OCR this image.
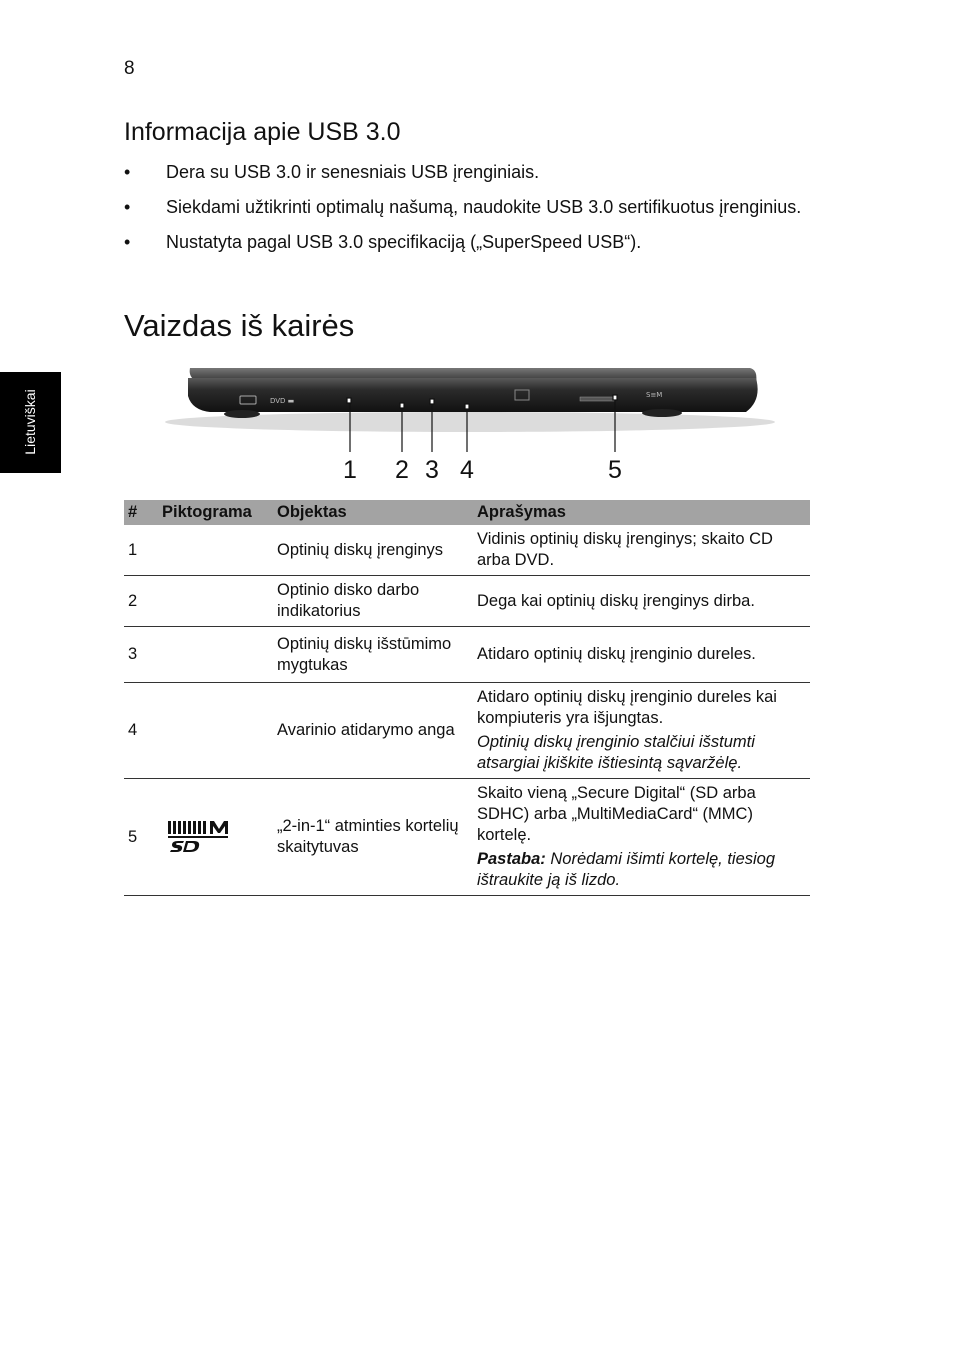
8
Lietuviškai
Informacija apie USB 3.0
• Dera su USB 3.0 ir senesniais USB įrenginiais.
• Siekdami užtikrinti optimalų našumą, naudokite USB 3.0 sertifikuotus įrenginius.
• Nustatyta pagal USB 3.0 specifikaciją („SuperSpeed USB“).
Vaizdas iš kairės
DVD ▬
S≡M
1 2 3 4	5
#	Piktograma	Objektas	Aprašymas
1		Optinių diskų įrenginys	Vidinis optinių diskų įrenginys; skaito CD arba DVD.
2		Optinio disko darbo indikatorius	Dega kai optinių diskų įrenginys dirba.
3		Optinių diskų išstūmimo mygtukas	Atidaro optinių diskų įrenginio dureles.
4		Avarinio atidarymo anga	Atidaro optinių diskų įrenginio dureles kai kompiuteris yra išjungtas.
Optinių diskų įrenginio stalčiui išstumti atsargiai įkiškite ištiesintą sąvaržėlę.

5		„2-in-1“ atminties kortelių skaitytuvas	Skaito vieną „Secure Digital“ (SD arba SDHC) arba „MultiMediaCard“ (MMC) kortelę.
Pastaba: Norėdami išimti kortelę, tiesiog ištraukite ją iš lizdo.
